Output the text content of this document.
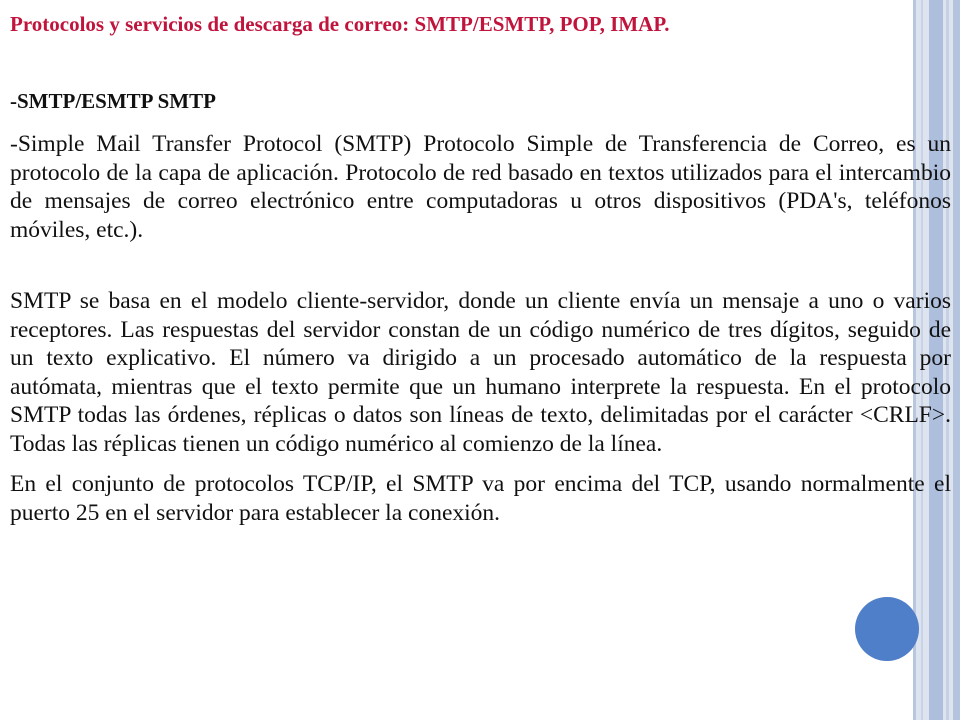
Protocolos y servicios de descarga de correo: SMTP/ESMTP, POP, IMAP.
-SMTP/ESMTP SMTP

-Simple Mail Transfer Protocol (SMTP) Protocolo Simple de Transferencia de Correo, es un protocolo de la capa de aplicación. Protocolo de red basado en textos utilizados para el intercambio de mensajes de correo electrónico entre computadoras u otros dispositivos (PDA's, teléfonos móviles, etc.).

SMTP se basa en el modelo cliente-servidor, donde un cliente envía un mensaje a uno o varios receptores. Las respuestas del servidor constan de un código numérico de tres dígitos, seguido de un texto explicativo. El número va dirigido a un procesado automático de la respuesta por autómata, mientras que el texto permite que un humano interprete la respuesta. En el protocolo SMTP todas las órdenes, réplicas o datos son líneas de texto, delimitadas por el carácter <CRLF>. Todas las réplicas tienen un código numérico al comienzo de la línea.

En el conjunto de protocolos TCP/IP, el SMTP va por encima del TCP, usando normalmente el puerto 25 en el servidor para establecer la conexión.
